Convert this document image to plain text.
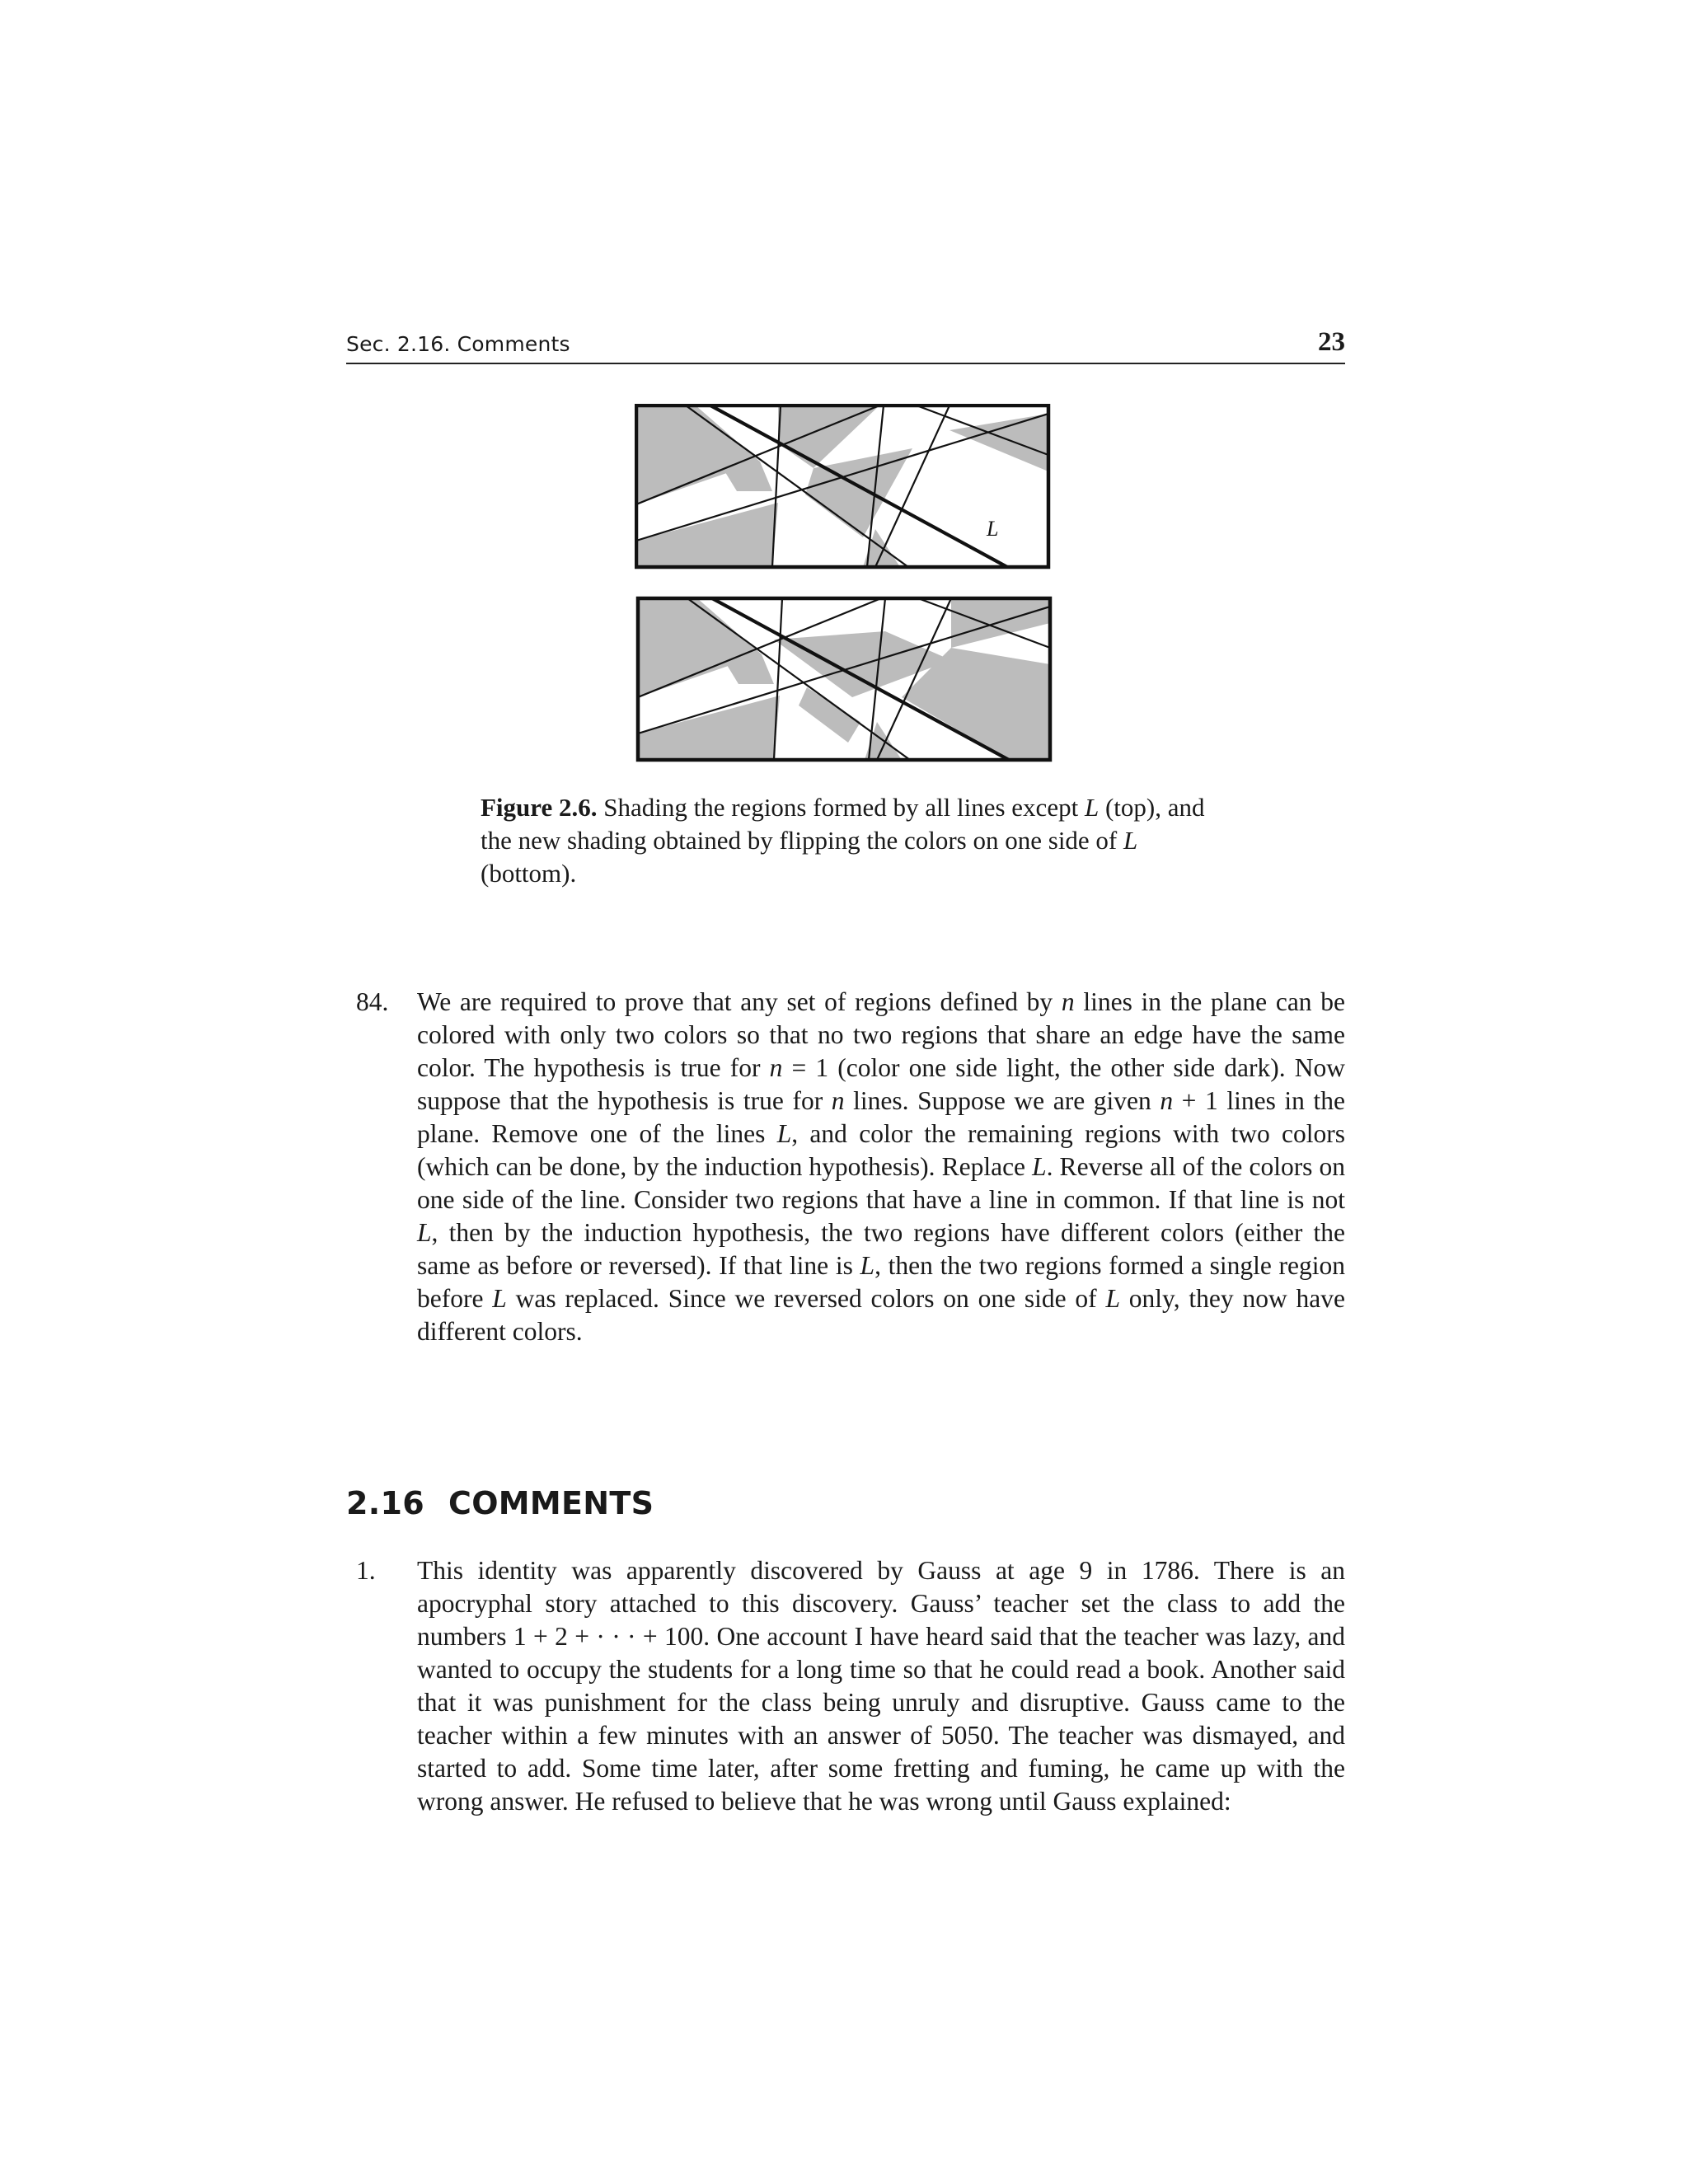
Sec. 2.16. Comments	23
L
Figure 2.6. Shading the regions formed by all lines except L (top), and the new shading obtained by flipping the colors on one side of L (bottom).
84. We are required to prove that any set of regions defined by n lines in the plane can be colored with only two colors so that no two regions that share an edge have the same color. The hypothesis is true for n = 1 (color one side light, the other side dark). Now suppose that the hypothesis is true for n lines. Suppose we are given n + 1 lines in the plane. Remove one of the lines L, and color the remaining regions with two colors (which can be done, by the induction hypothesis). Replace L. Reverse all of the colors on one side of the line. Consider two regions that have a line in common. If that line is not L, then by the induction hypothesis, the two regions have different colors (either the same as before or reversed). If that line is L, then the two regions formed a single region before L was replaced. Since we reversed colors on one side of L only, they now have different colors.
2.16 COMMENTS
1. This identity was apparently discovered by Gauss at age 9 in 1786. There is an apocryphal story attached to this discovery. Gauss’ teacher set the class to add the numbers 1 + 2 + · · · + 100. One account I have heard said that the teacher was lazy, and wanted to occupy the students for a long time so that he could read a book. Another said that it was punishment for the class being unruly and disruptive. Gauss came to the teacher within a few minutes with an answer of 5050. The teacher was dismayed, and started to add. Some time later, after some fretting and fuming, he came up with the wrong answer. He refused to believe that he was wrong until Gauss explained:
